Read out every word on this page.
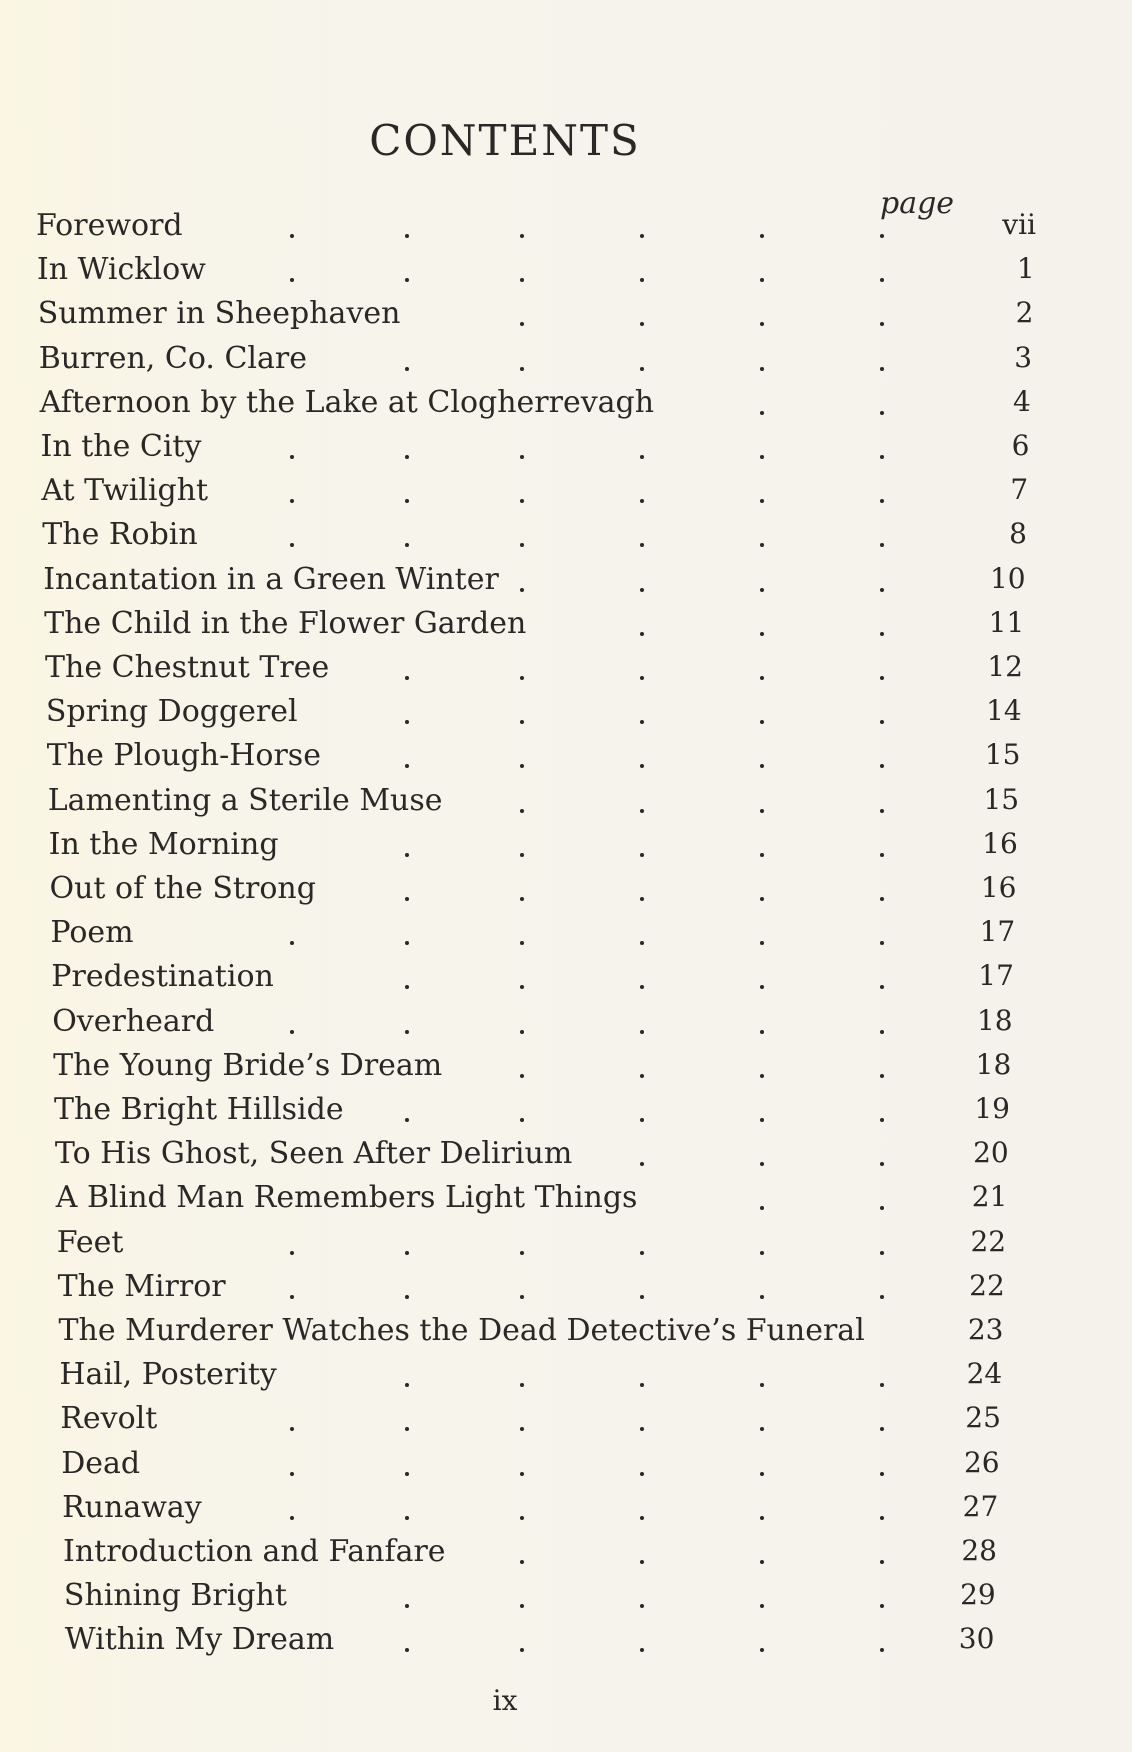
CONTENTS
page
Foreword	vii
In Wicklow	1
Summer in Sheephaven	2
Burren, Co. Clare	3
Afternoon by the Lake at Clogherrevagh	4
In the City	6
At Twilight	7
The Robin	8
Incantation in a Green Winter	10
The Child in the Flower Garden	11
The Chestnut Tree	12
Spring Doggerel	14
The Plough-Horse	15
Lamenting a Sterile Muse	15
In the Morning	16
Out of the Strong	16
Poem	17
Predestination	17
Overheard	18
The Young Bride’s Dream	18
The Bright Hillside	19
To His Ghost, Seen After Delirium	20
A Blind Man Remembers Light Things	21
Feet	22
The Mirror	22
The Murderer Watches the Dead Detective’s Funeral	23
Hail, Posterity	24
Revolt	25
Dead	26
Runaway	27
Introduction and Fanfare	28
Shining Bright	29
Within My Dream	30
ix
